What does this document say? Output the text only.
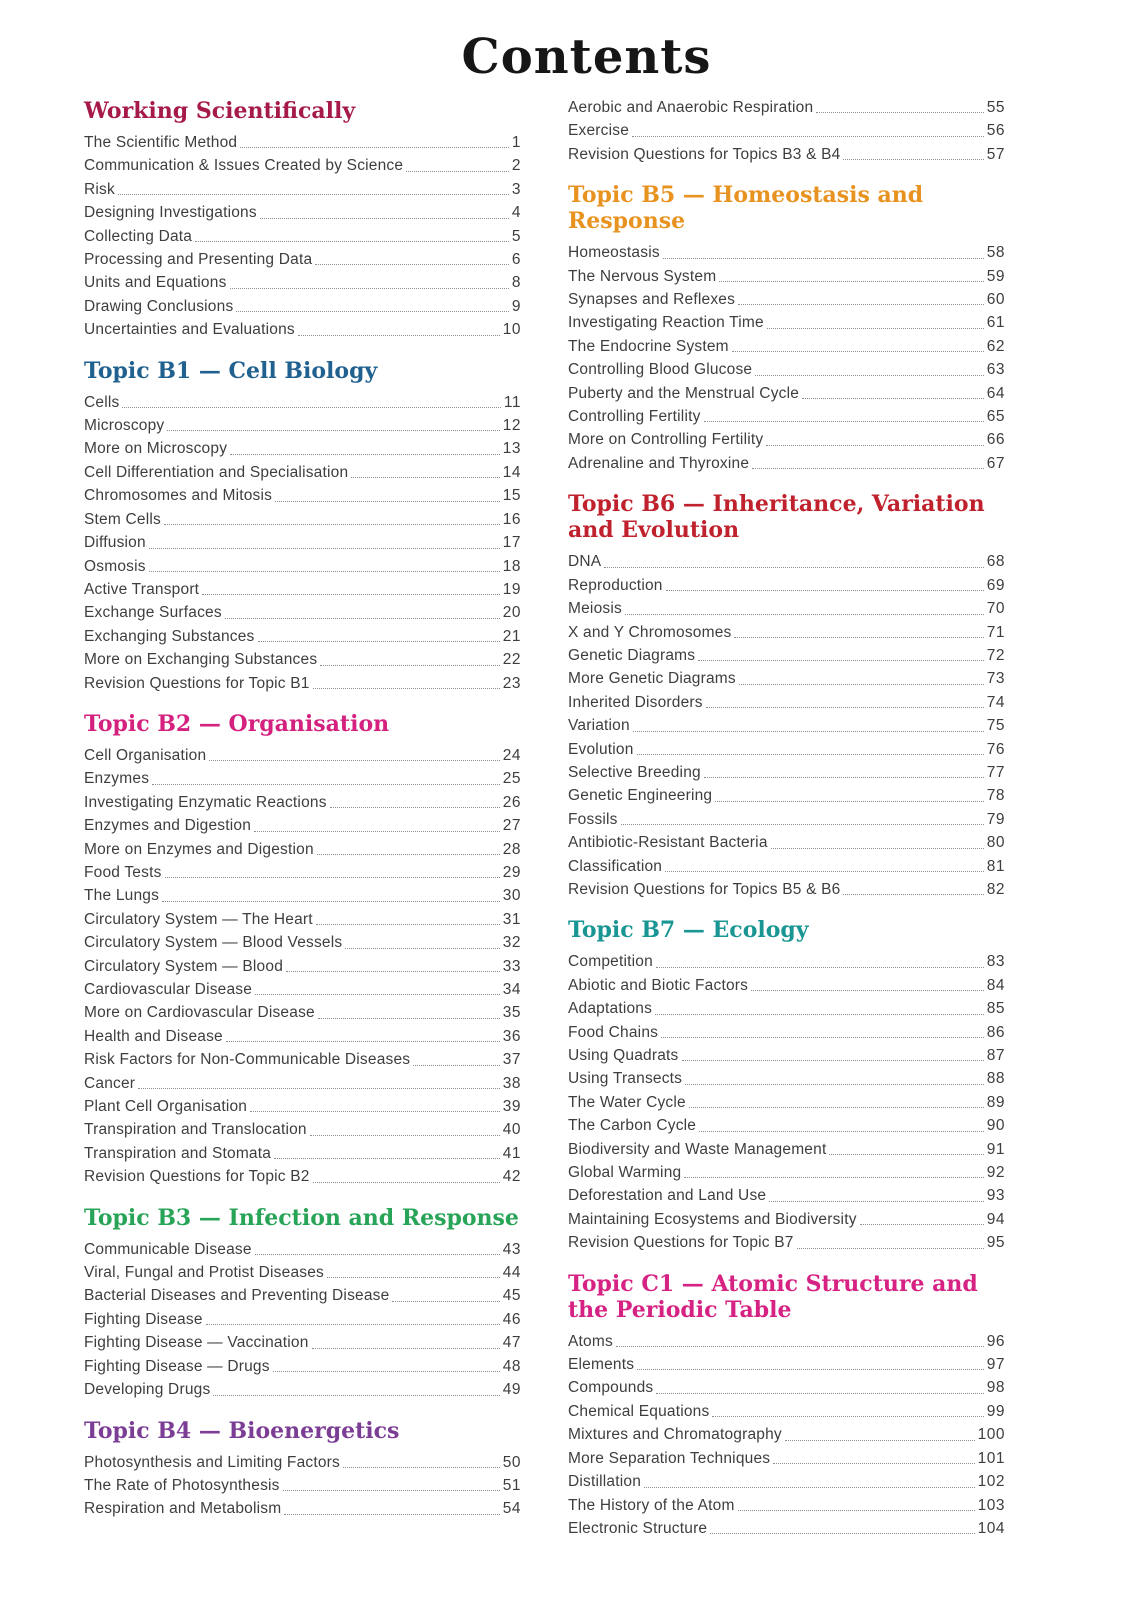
Contents
Working Scientifically
The Scientific Method	1
Communication & Issues Created by Science	2
Risk	3
Designing Investigations	4
Collecting Data	5
Processing and Presenting Data	6
Units and Equations	8
Drawing Conclusions	9
Uncertainties and Evaluations	10
Topic B1 — Cell Biology
Cells	11
Microscopy	12
More on Microscopy	13
Cell Differentiation and Specialisation	14
Chromosomes and Mitosis	15
Stem Cells	16
Diffusion	17
Osmosis	18
Active Transport	19
Exchange Surfaces	20
Exchanging Substances	21
More on Exchanging Substances	22
Revision Questions for Topic B1	23
Topic B2 — Organisation
Cell Organisation	24
Enzymes	25
Investigating Enzymatic Reactions	26
Enzymes and Digestion	27
More on Enzymes and Digestion	28
Food Tests	29
The Lungs	30
Circulatory System — The Heart	31
Circulatory System — Blood Vessels	32
Circulatory System — Blood	33
Cardiovascular Disease	34
More on Cardiovascular Disease	35
Health and Disease	36
Risk Factors for Non-Communicable Diseases	37
Cancer	38
Plant Cell Organisation	39
Transpiration and Translocation	40
Transpiration and Stomata	41
Revision Questions for Topic B2	42
Topic B3 — Infection and Response
Communicable Disease	43
Viral, Fungal and Protist Diseases	44
Bacterial Diseases and Preventing Disease	45
Fighting Disease	46
Fighting Disease — Vaccination	47
Fighting Disease — Drugs	48
Developing Drugs	49
Topic B4 — Bioenergetics
Photosynthesis and Limiting Factors	50
The Rate of Photosynthesis	51
Respiration and Metabolism	54
Aerobic and Anaerobic Respiration	55
Exercise	56
Revision Questions for Topics B3 & B4	57
Topic B5 — Homeostasis and Response
Homeostasis	58
The Nervous System	59
Synapses and Reflexes	60
Investigating Reaction Time	61
The Endocrine System	62
Controlling Blood Glucose	63
Puberty and the Menstrual Cycle	64
Controlling Fertility	65
More on Controlling Fertility	66
Adrenaline and Thyroxine	67
Topic B6 — Inheritance, Variation and Evolution
DNA	68
Reproduction	69
Meiosis	70
X and Y Chromosomes	71
Genetic Diagrams	72
More Genetic Diagrams	73
Inherited Disorders	74
Variation	75
Evolution	76
Selective Breeding	77
Genetic Engineering	78
Fossils	79
Antibiotic-Resistant Bacteria	80
Classification	81
Revision Questions for Topics B5 & B6	82
Topic B7 — Ecology
Competition	83
Abiotic and Biotic Factors	84
Adaptations	85
Food Chains	86
Using Quadrats	87
Using Transects	88
The Water Cycle	89
The Carbon Cycle	90
Biodiversity and Waste Management	91
Global Warming	92
Deforestation and Land Use	93
Maintaining Ecosystems and Biodiversity	94
Revision Questions for Topic B7	95
Topic C1 — Atomic Structure and the Periodic Table
Atoms	96
Elements	97
Compounds	98
Chemical Equations	99
Mixtures and Chromatography	100
More Separation Techniques	101
Distillation	102
The History of the Atom	103
Electronic Structure	104
